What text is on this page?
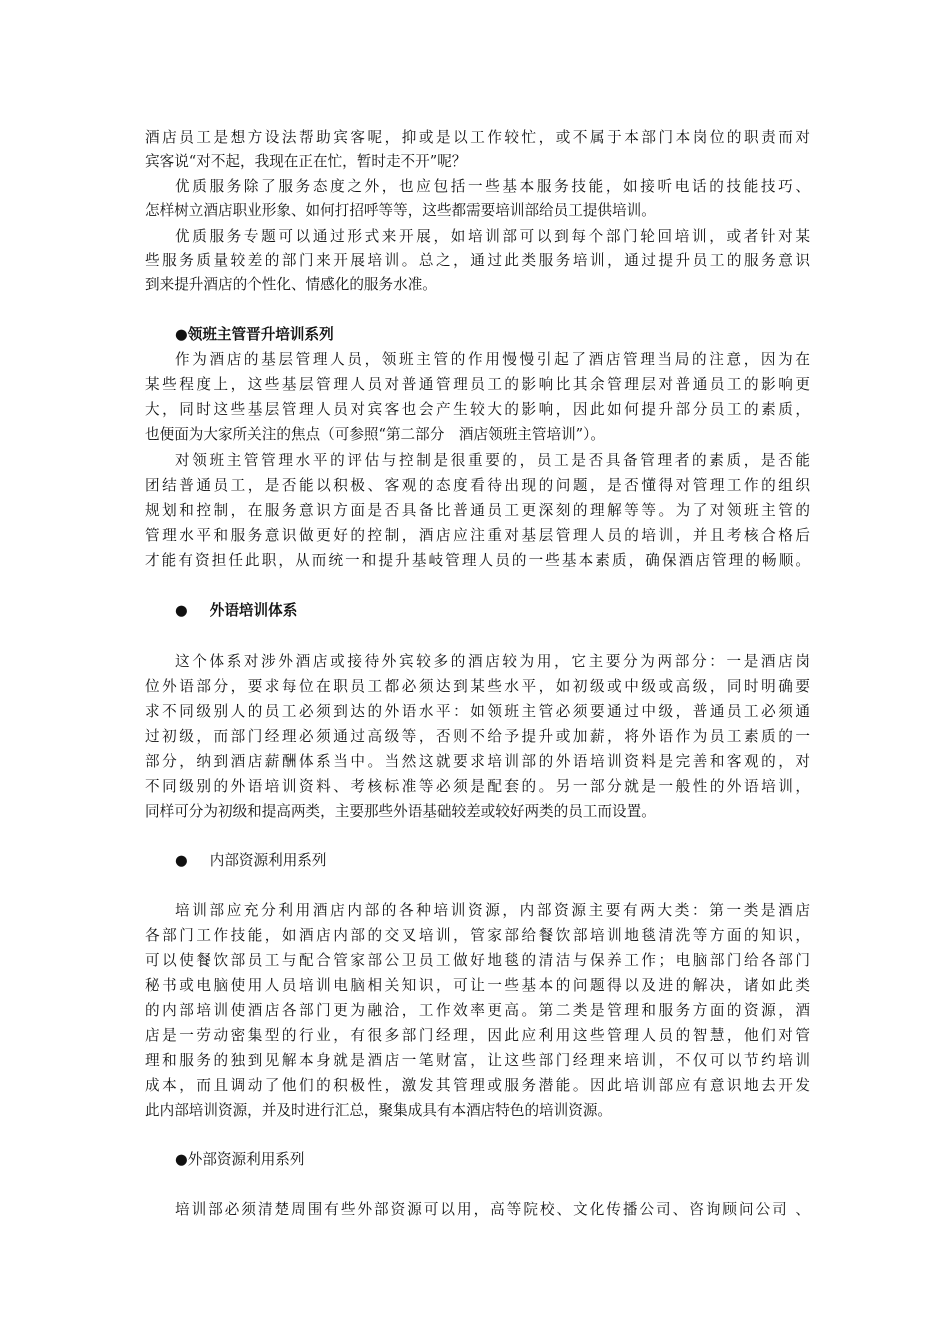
酒店员工是想方设法帮助宾客呢，抑或是以工作较忙，或不属于本部门本岗位的职责而对

宾客说“对不起，我现在正在忙，暂时走不开”呢？

优质服务除了服务态度之外，也应包括一些基本服务技能，如接听电话的技能技巧、

怎样树立酒店职业形象、如何打招呼等等，这些都需要培训部给员工提供培训。

优质服务专题可以通过形式来开展，如培训部可以到每个部门轮回培训，或者针对某

些服务质量较差的部门来开展培训。总之，通过此类服务培训，通过提升员工的服务意识

到来提升酒店的个性化、情感化的服务水准。

●领班主管晋升培训系列

作为酒店的基层管理人员，领班主管的作用慢慢引起了酒店管理当局的注意，因为在

某些程度上，这些基层管理人员对普通管理员工的影响比其余管理层对普通员工的影响更

大，同时这些基层管理人员对宾客也会产生较大的影响，因此如何提升部分员工的素质，

也便面为大家所关注的焦点（可参照“第二部分　酒店领班主管培训”）。

对领班主管管理水平的评估与控制是很重要的，员工是否具备管理者的素质，是否能

团结普通员工，是否能以积极、客观的态度看待出现的问题，是否懂得对管理工作的组织

规划和控制，在服务意识方面是否具备比普通员工更深刻的理解等等。为了对领班主管的

管理水平和服务意识做更好的控制，酒店应注重对基层管理人员的培训，并且考核合格后

才能有资担任此职，从而统一和提升基岐管理人员的一些基本素质，确保酒店管理的畅顺。

● 外语培训体系

这个体系对涉外酒店或接待外宾较多的酒店较为用，它主要分为两部分：一是酒店岗

位外语部分，要求每位在职员工都必须达到某些水平，如初级或中级或高级，同时明确要

求不同级别人的员工必须到达的外语水平：如领班主管必须要通过中级，普通员工必须通

过初级，而部门经理必须通过高级等，否则不给予提升或加薪，将外语作为员工素质的一

部分，纳到酒店薪酬体系当中。当然这就要求培训部的外语培训资料是完善和客观的，对

不同级别的外语培训资料、考核标准等必须是配套的。另一部分就是一般性的外语培训，

同样可分为初级和提高两类，主要那些外语基础较差或较好两类的员工而设置。

● 内部资源利用系列

培训部应充分利用酒店内部的各种培训资源，内部资源主要有两大类：第一类是酒店

各部门工作技能，如酒店内部的交叉培训，管家部给餐饮部培训地毯清洗等方面的知识，

可以使餐饮部员工与配合管家部公卫员工做好地毯的清洁与保养工作；电脑部门给各部门

秘书或电脑使用人员培训电脑相关知识，可让一些基本的问题得以及进的解决，诸如此类

的内部培训使酒店各部门更为融洽，工作效率更高。第二类是管理和服务方面的资源，酒

店是一劳动密集型的行业，有很多部门经理，因此应利用这些管理人员的智慧，他们对管

理和服务的独到见解本身就是酒店一笔财富，让这些部门经理来培训，不仅可以节约培训

成本，而且调动了他们的积极性，激发其管理或服务潜能。因此培训部应有意识地去开发

此内部培训资源，并及时进行汇总，聚集成具有本酒店特色的培训资源。

●外部资源利用系列

培训部必须清楚周围有些外部资源可以用，高等院校、文化传播公司、咨询顾问公司 、
